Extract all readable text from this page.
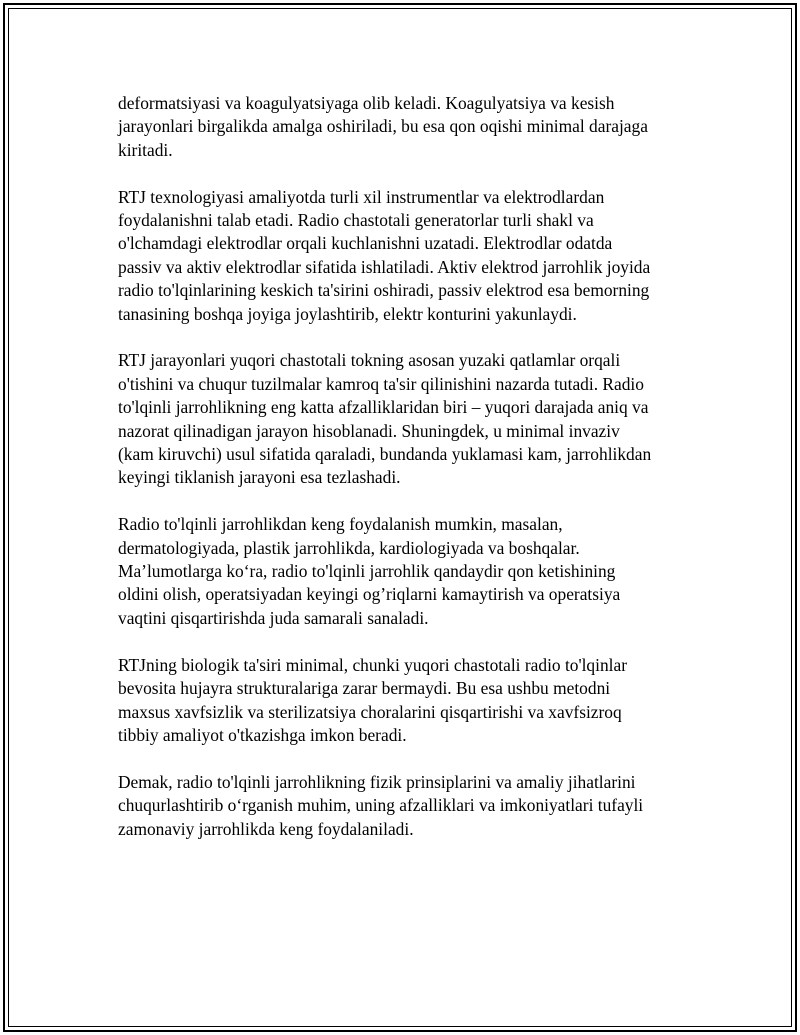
deformatsiyasi va koagulyatsiyaga olib keladi. Koagulyatsiya va kesish
jarayonlari birgalikda amalga oshiriladi, bu esa qon oqishi minimal darajaga
kiritadi.

RTJ texnologiyasi amaliyotda turli xil instrumentlar va elektrodlardan
foydalanishni talab etadi. Radio chastotali generatorlar turli shakl va
o'lchamdagi elektrodlar orqali kuchlanishni uzatadi. Elektrodlar odatda
passiv va aktiv elektrodlar sifatida ishlatiladi. Aktiv elektrod jarrohlik joyida
radio to'lqinlarining keskich ta'sirini oshiradi, passiv elektrod esa bemorning
tanasining boshqa joyiga joylashtirib, elektr konturini yakunlaydi.

RTJ jarayonlari yuqori chastotali tokning asosan yuzaki qatlamlar orqali
o'tishini va chuqur tuzilmalar kamroq ta'sir qilinishini nazarda tutadi. Radio
to'lqinli jarrohlikning eng katta afzalliklaridan biri – yuqori darajada aniq va
nazorat qilinadigan jarayon hisoblanadi. Shuningdek, u minimal invaziv
(kam kiruvchi) usul sifatida qaraladi, bundanda yuklamasi kam, jarrohlikdan
keyingi tiklanish jarayoni esa tezlashadi.

Radio to'lqinli jarrohlikdan keng foydalanish mumkin, masalan,
dermatologiyada, plastik jarrohlikda, kardiologiyada va boshqalar.
Ma’lumotlarga ko‘ra, radio to'lqinli jarrohlik qandaydir qon ketishining
oldini olish, operatsiyadan keyingi og’riqlarni kamaytirish va operatsiya
vaqtini qisqartirishda juda samarali sanaladi.

RTJning biologik ta'siri minimal, chunki yuqori chastotali radio to'lqinlar
bevosita hujayra strukturalariga zarar bermaydi. Bu esa ushbu metodni
maxsus xavfsizlik va sterilizatsiya choralarini qisqartirishi va xavfsizroq
tibbiy amaliyot o'tkazishga imkon beradi.

Demak, radio to'lqinli jarrohlikning fizik prinsiplarini va amaliy jihatlarini
chuqurlashtirib o‘rganish muhim, uning afzalliklari va imkoniyatlari tufayli
zamonaviy jarrohlikda keng foydalaniladi.
